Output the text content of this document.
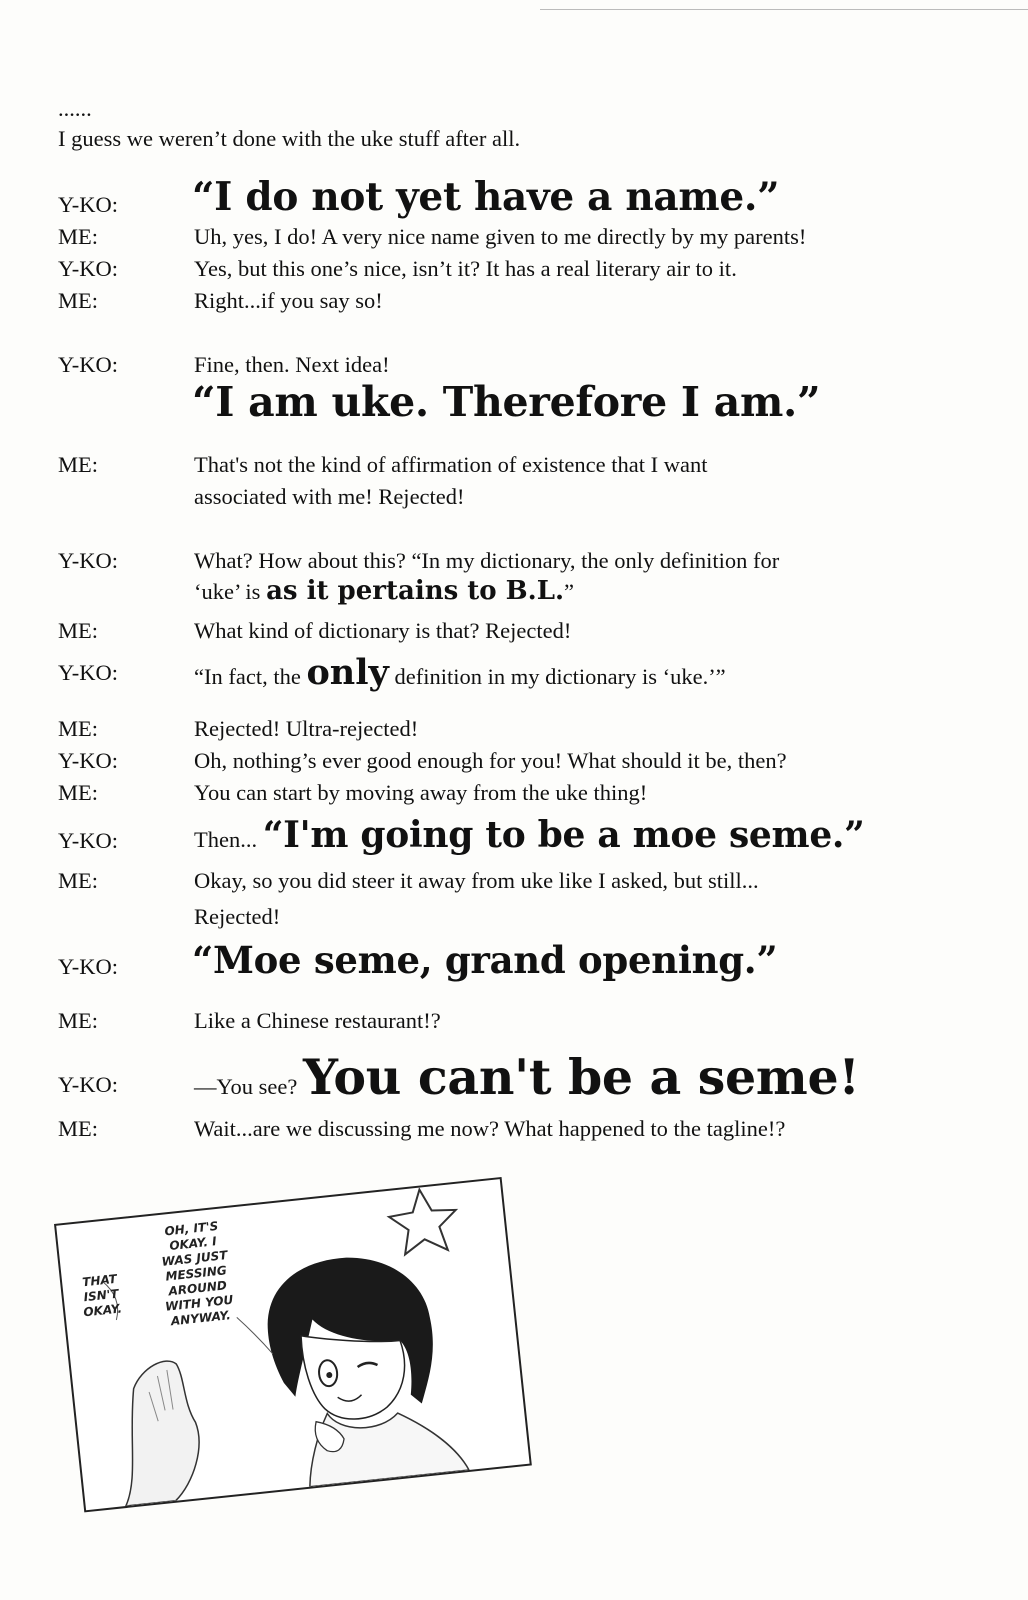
......
I guess we weren’t done with the uke stuff after all.
Y-KO: “I do not yet have a name.”
ME:	Uh, yes, I do! A very nice name given to me directly by my parents!
Y-KO:	Yes, but this one’s nice, isn’t it? It has a real literary air to it.
ME:	Right...if you say so!
Y-KO:	Fine, then. Next idea!
“I am uke. Therefore I am.”
ME:	That's not the kind of affirmation of existence that I want
associated with me! Rejected!
Y-KO:	What? How about this? “In my dictionary, the only definition for
‘uke’ is as it pertains to B.L.”
ME:	What kind of dictionary is that? Rejected!
Y-KO:	“In fact, the only definition in my dictionary is ‘uke.’”
ME:	Rejected! Ultra-rejected!
Y-KO:	Oh, nothing’s ever good enough for you! What should it be, then?
ME:	You can start by moving away from the uke thing!
Y-KO:	Then... “I'm going to be a moe seme.”
ME:	Okay, so you did steer it away from uke like I asked, but still...
Rejected!
Y-KO: “Moe seme, grand opening.”
ME:	Like a Chinese restaurant!?
Y-KO:	—You see? You can't be a seme!
ME:	Wait...are we discussing me now? What happened to the tagline!?
THAT
ISN'T
OKAY.
OH, IT'S
OKAY. I
WAS JUST
MESSING
AROUND
WITH YOU
ANYWAY.
